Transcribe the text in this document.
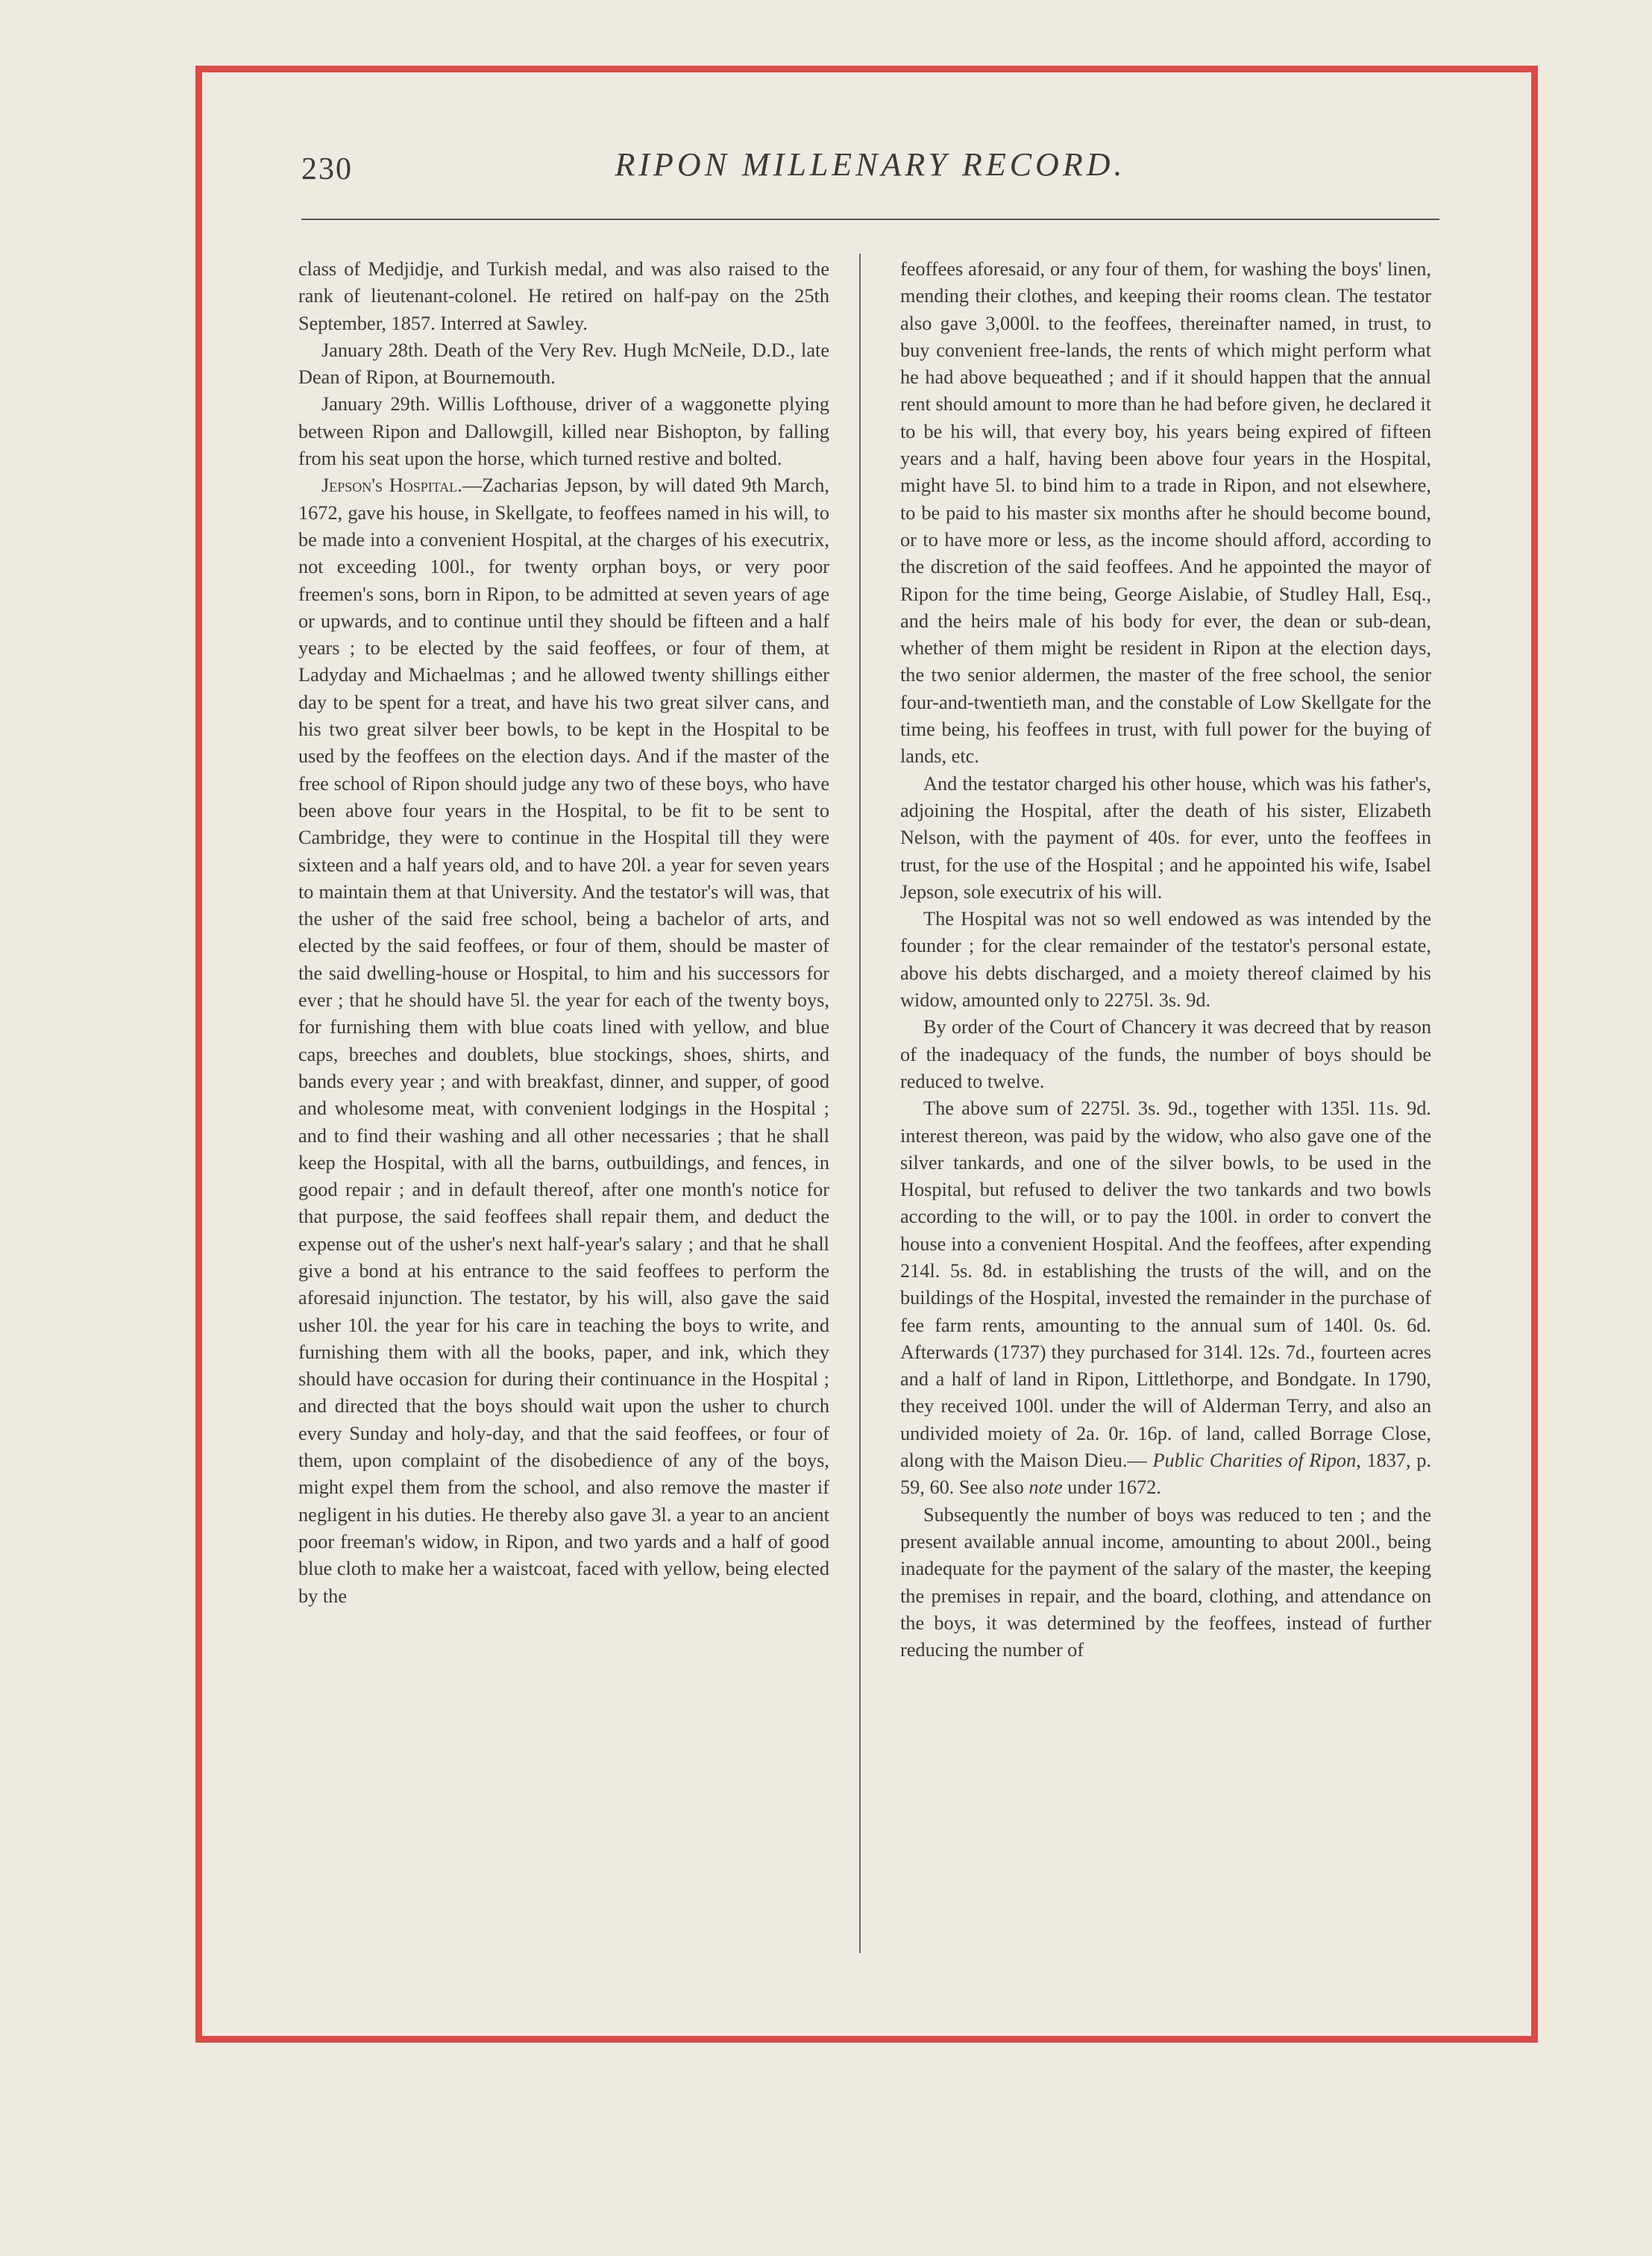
230	RIPON MILLENARY RECORD.

class of Medjidje, and Turkish medal, and was also raised to the rank of lieutenant-colonel. He retired on half-pay on the 25th September, 1857. Interred at Sawley.

January 28th. Death of the Very Rev. Hugh McNeile, D.D., late Dean of Ripon, at Bournemouth.

January 29th. Willis Lofthouse, driver of a waggonette plying between Ripon and Dallowgill, killed near Bishopton, by falling from his seat upon the horse, which turned restive and bolted.

Jepson's Hospital.—Zacharias Jepson, by will dated 9th March, 1672, gave his house, in Skellgate, to feoffees named in his will, to be made into a convenient Hospital, at the charges of his executrix, not exceeding 100l., for twenty orphan boys, or very poor freemen's sons, born in Ripon, to be admitted at seven years of age or upwards, and to continue until they should be fifteen and a half years ; to be elected by the said feoffees, or four of them, at Ladyday and Michaelmas ; and he allowed twenty shillings either day to be spent for a treat, and have his two great silver cans, and his two great silver beer bowls, to be kept in the Hospital to be used by the feoffees on the election days. And if the master of the free school of Ripon should judge any two of these boys, who have been above four years in the Hospital, to be fit to be sent to Cambridge, they were to continue in the Hospital till they were sixteen and a half years old, and to have 20l. a year for seven years to maintain them at that University. And the testator's will was, that the usher of the said free school, being a bachelor of arts, and elected by the said feoffees, or four of them, should be master of the said dwelling-house or Hospital, to him and his successors for ever ; that he should have 5l. the year for each of the twenty boys, for furnishing them with blue coats lined with yellow, and blue caps, breeches and doublets, blue stockings, shoes, shirts, and bands every year ; and with breakfast, dinner, and supper, of good and wholesome meat, with convenient lodgings in the Hospital ; and to find their washing and all other necessaries ; that he shall keep the Hospital, with all the barns, outbuildings, and fences, in good repair ; and in default thereof, after one month's notice for that purpose, the said feoffees shall repair them, and deduct the expense out of the usher's next half-year's salary ; and that he shall give a bond at his entrance to the said feoffees to perform the aforesaid injunction. The testator, by his will, also gave the said usher 10l. the year for his care in teaching the boys to write, and furnishing them with all the books, paper, and ink, which they should have occasion for during their continuance in the Hospital ; and directed that the boys should wait upon the usher to church every Sunday and holy-day, and that the said feoffees, or four of them, upon complaint of the disobedience of any of the boys, might expel them from the school, and also remove the master if negligent in his duties. He thereby also gave 3l. a year to an ancient poor freeman's widow, in Ripon, and two yards and a half of good blue cloth to make her a waistcoat, faced with yellow, being elected by the

feoffees aforesaid, or any four of them, for washing the boys' linen, mending their clothes, and keeping their rooms clean. The testator also gave 3,000l. to the feoffees, thereinafter named, in trust, to buy convenient free-lands, the rents of which might perform what he had above bequeathed ; and if it should happen that the annual rent should amount to more than he had before given, he declared it to be his will, that every boy, his years being expired of fifteen years and a half, having been above four years in the Hospital, might have 5l. to bind him to a trade in Ripon, and not elsewhere, to be paid to his master six months after he should become bound, or to have more or less, as the income should afford, according to the discretion of the said feoffees. And he appointed the mayor of Ripon for the time being, George Aislabie, of Studley Hall, Esq., and the heirs male of his body for ever, the dean or sub-dean, whether of them might be resident in Ripon at the election days, the two senior aldermen, the master of the free school, the senior four-and-twentieth man, and the constable of Low Skellgate for the time being, his feoffees in trust, with full power for the buying of lands, etc.

And the testator charged his other house, which was his father's, adjoining the Hospital, after the death of his sister, Elizabeth Nelson, with the payment of 40s. for ever, unto the feoffees in trust, for the use of the Hospital ; and he appointed his wife, Isabel Jepson, sole executrix of his will.

The Hospital was not so well endowed as was intended by the founder ; for the clear remainder of the testator's personal estate, above his debts discharged, and a moiety thereof claimed by his widow, amounted only to 2275l. 3s. 9d.

By order of the Court of Chancery it was decreed that by reason of the inadequacy of the funds, the number of boys should be reduced to twelve.

The above sum of 2275l. 3s. 9d., together with 135l. 11s. 9d. interest thereon, was paid by the widow, who also gave one of the silver tankards, and one of the silver bowls, to be used in the Hospital, but refused to deliver the two tankards and two bowls according to the will, or to pay the 100l. in order to convert the house into a convenient Hospital. And the feoffees, after expending 214l. 5s. 8d. in establishing the trusts of the will, and on the buildings of the Hospital, invested the remainder in the purchase of fee farm rents, amounting to the annual sum of 140l. 0s. 6d. Afterwards (1737) they purchased for 314l. 12s. 7d., fourteen acres and a half of land in Ripon, Littlethorpe, and Bondgate. In 1790, they received 100l. under the will of Alderman Terry, and also an undivided moiety of 2a. 0r. 16p. of land, called Borrage Close, along with the Maison Dieu.— Public Charities of Ripon, 1837, p. 59, 60. See also note under 1672.

Subsequently the number of boys was reduced to ten ; and the present available annual income, amounting to about 200l., being inadequate for the payment of the salary of the master, the keeping the premises in repair, and the board, clothing, and attendance on the boys, it was determined by the feoffees, instead of further reducing the number of
